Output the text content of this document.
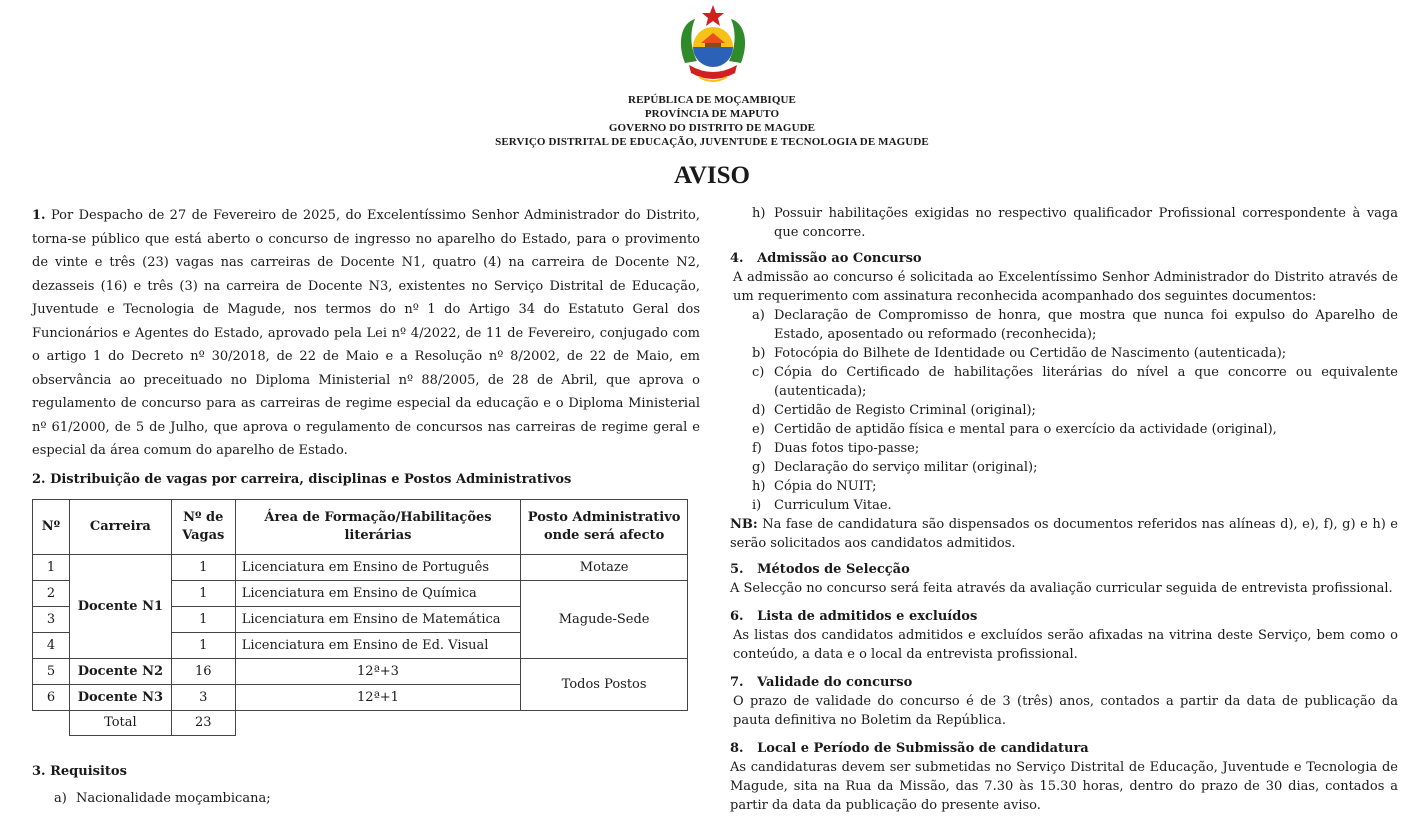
REPÚBLICA DE MOÇAMBIQUE
PROVÍNCIA DE MAPUTO
GOVERNO DO DISTRITO DE MAGUDE
SERVIÇO DISTRITAL DE EDUCAÇÃO, JUVENTUDE E TECNOLOGIA DE MAGUDE
AVISO
1. Por Despacho de 27 de Fevereiro de 2025, do Excelentíssimo Senhor Administrador do Distrito, torna-se público que está aberto o concurso de ingresso no aparelho do Estado, para o provimento de vinte e três (23) vagas nas carreiras de Docente N1, quatro (4) na carreira de Docente N2, dezasseis (16) e três (3) na carreira de Docente N3, existentes no Serviço Distrital de Educação, Juventude e Tecnologia de Magude, nos termos do nº 1 do Artigo 34 do Estatuto Geral dos Funcionários e Agentes do Estado, aprovado pela Lei nº 4/2022, de 11 de Fevereiro, conjugado com o artigo 1 do Decreto nº 30/2018, de 22 de Maio e a Resolução nº 8/2002, de 22 de Maio, em observância ao preceituado no Diploma Ministerial nº 88/2005, de 28 de Abril, que aprova o regulamento de concurso para as carreiras de regime especial da educação e o Diploma Ministerial nº 61/2000, de 5 de Julho, que aprova o regulamento de concursos nas carreiras de regime geral e especial da área comum do aparelho de Estado.
2. Distribuição de vagas por carreira, disciplinas e Postos Administrativos
Nº	Carreira	Nº de Vagas	Área de Formação/Habilitações literárias	Posto Administrativo onde será afecto
1	Docente N1	1	Licenciatura em Ensino de Português	Motaze
2		1	Licenciatura em Ensino de Química	Magude-Sede
3		1	Licenciatura em Ensino de Matemática	
4		1	Licenciatura em Ensino de Ed. Visual	
5	Docente N2	16	12ª+3	Todos Postos
6	Docente N3	3	12ª+1	
	Total	23		
3. Requisitos
a) Nacionalidade moçambicana;
h) Possuir habilitações exigidas no respectivo qualificador Profissional correspondente à vaga que concorre.
4.   Admissão ao Concurso
A admissão ao concurso é solicitada ao Excelentíssimo Senhor Administrador do Distrito através de um requerimento com assinatura reconhecida acompanhado dos seguintes documentos:
a) Declaração de Compromisso de honra, que mostra que nunca foi expulso do Aparelho de Estado, aposentado ou reformado (reconhecida);
b) Fotocópia do Bilhete de Identidade ou Certidão de Nascimento (autenticada);
c) Cópia do Certificado de habilitações literárias do nível a que concorre ou equivalente (autenticada);
d) Certidão de Registo Criminal (original);
e) Certidão de aptidão física e mental para o exercício da actividade (original),
f) Duas fotos tipo-passe;
g) Declaração do serviço militar (original);
h) Cópia do NUIT;
i) Curriculum Vitae.
NB: Na fase de candidatura são dispensados os documentos referidos nas alíneas d), e), f), g) e h) e serão solicitados aos candidatos admitidos.
5.   Métodos de Selecção
A Selecção no concurso será feita através da avaliação curricular seguida de entrevista profissional.
6.   Lista de admitidos e excluídos
As listas dos candidatos admitidos e excluídos serão afixadas na vitrina deste Serviço, bem como o conteúdo, a data e o local da entrevista profissional.
7.   Validade do concurso
O prazo de validade do concurso é de 3 (três) anos, contados a partir da data de publicação da pauta definitiva no Boletim da República.
8.   Local e Período de Submissão de candidatura
As candidaturas devem ser submetidas no Serviço Distrital de Educação, Juventude e Tecnologia de Magude, sita na Rua da Missão, das 7.30 às 15.30 horas, dentro do prazo de 30 dias, contados a partir da data da publicação do presente aviso.
